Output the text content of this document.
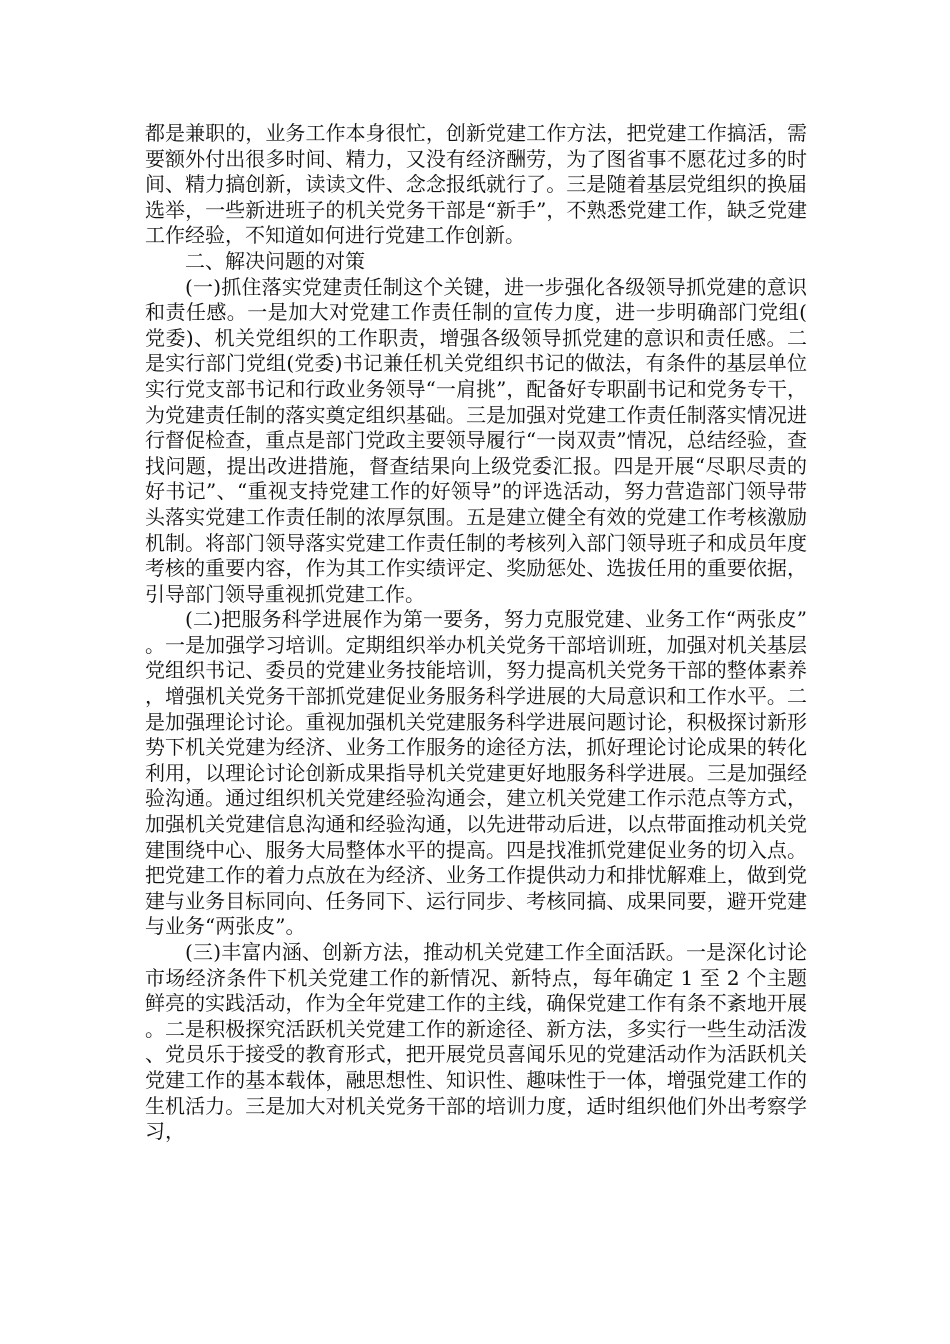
都是兼职的，业务工作本身很忙，创新党建工作方法，把党建工作搞活，需要额外付出很多时间、精力，又没有经济酬劳，为了图省事不愿花过多的时间、精力搞创新，读读文件、念念报纸就行了。三是随着基层党组织的换届选举，一些新进班子的机关党务干部是“新手”，不熟悉党建工作，缺乏党建工作经验，不知道如何进行党建工作创新。

二、解决问题的对策

(一)抓住落实党建责任制这个关键，进一步强化各级领导抓党建的意识和责任感。一是加大对党建工作责任制的宣传力度，进一步明确部门党组(党委)、机关党组织的工作职责，增强各级领导抓党建的意识和责任感。二是实行部门党组(党委)书记兼任机关党组织书记的做法，有条件的基层单位实行党支部书记和行政业务领导“一肩挑”，配备好专职副书记和党务专干，为党建责任制的落实奠定组织基础。三是加强对党建工作责任制落实情况进行督促检查，重点是部门党政主要领导履行“一岗双责”情况，总结经验，查找问题，提出改进措施，督查结果向上级党委汇报。四是开展“尽职尽责的好书记”、“重视支持党建工作的好领导”的评选活动，努力营造部门领导带头落实党建工作责任制的浓厚氛围。五是建立健全有效的党建工作考核激励机制。将部门领导落实党建工作责任制的考核列入部门领导班子和成员年度考核的重要内容，作为其工作实绩评定、奖励惩处、选拔任用的重要依据，引导部门领导重视抓党建工作。

(二)把服务科学进展作为第一要务，努力克服党建、业务工作“两张皮”。一是加强学习培训。定期组织举办机关党务干部培训班，加强对机关基层党组织书记、委员的党建业务技能培训，努力提高机关党务干部的整体素养，增强机关党务干部抓党建促业务服务科学进展的大局意识和工作水平。二是加强理论讨论。重视加强机关党建服务科学进展问题讨论，积极探讨新形势下机关党建为经济、业务工作服务的途径方法，抓好理论讨论成果的转化利用，以理论讨论创新成果指导机关党建更好地服务科学进展。三是加强经验沟通。通过组织机关党建经验沟通会，建立机关党建工作示范点等方式，加强机关党建信息沟通和经验沟通，以先进带动后进，以点带面推动机关党建围绕中心、服务大局整体水平的提高。四是找准抓党建促业务的切入点。把党建工作的着力点放在为经济、业务工作提供动力和排忧解难上，做到党建与业务目标同向、任务同下、运行同步、考核同搞、成果同要，避开党建与业务“两张皮”。

(三)丰富内涵、创新方法，推动机关党建工作全面活跃。一是深化讨论市场经济条件下机关党建工作的新情况、新特点，每年确定 1 至 2 个主题鲜亮的实践活动，作为全年党建工作的主线，确保党建工作有条不紊地开展。二是积极探究活跃机关党建工作的新途径、新方法，多实行一些生动活泼、党员乐于接受的教育形式，把开展党员喜闻乐见的党建活动作为活跃机关党建工作的基本载体，融思想性、知识性、趣味性于一体，增强党建工作的生机活力。三是加大对机关党务干部的培训力度，适时组织他们外出考察学习，
